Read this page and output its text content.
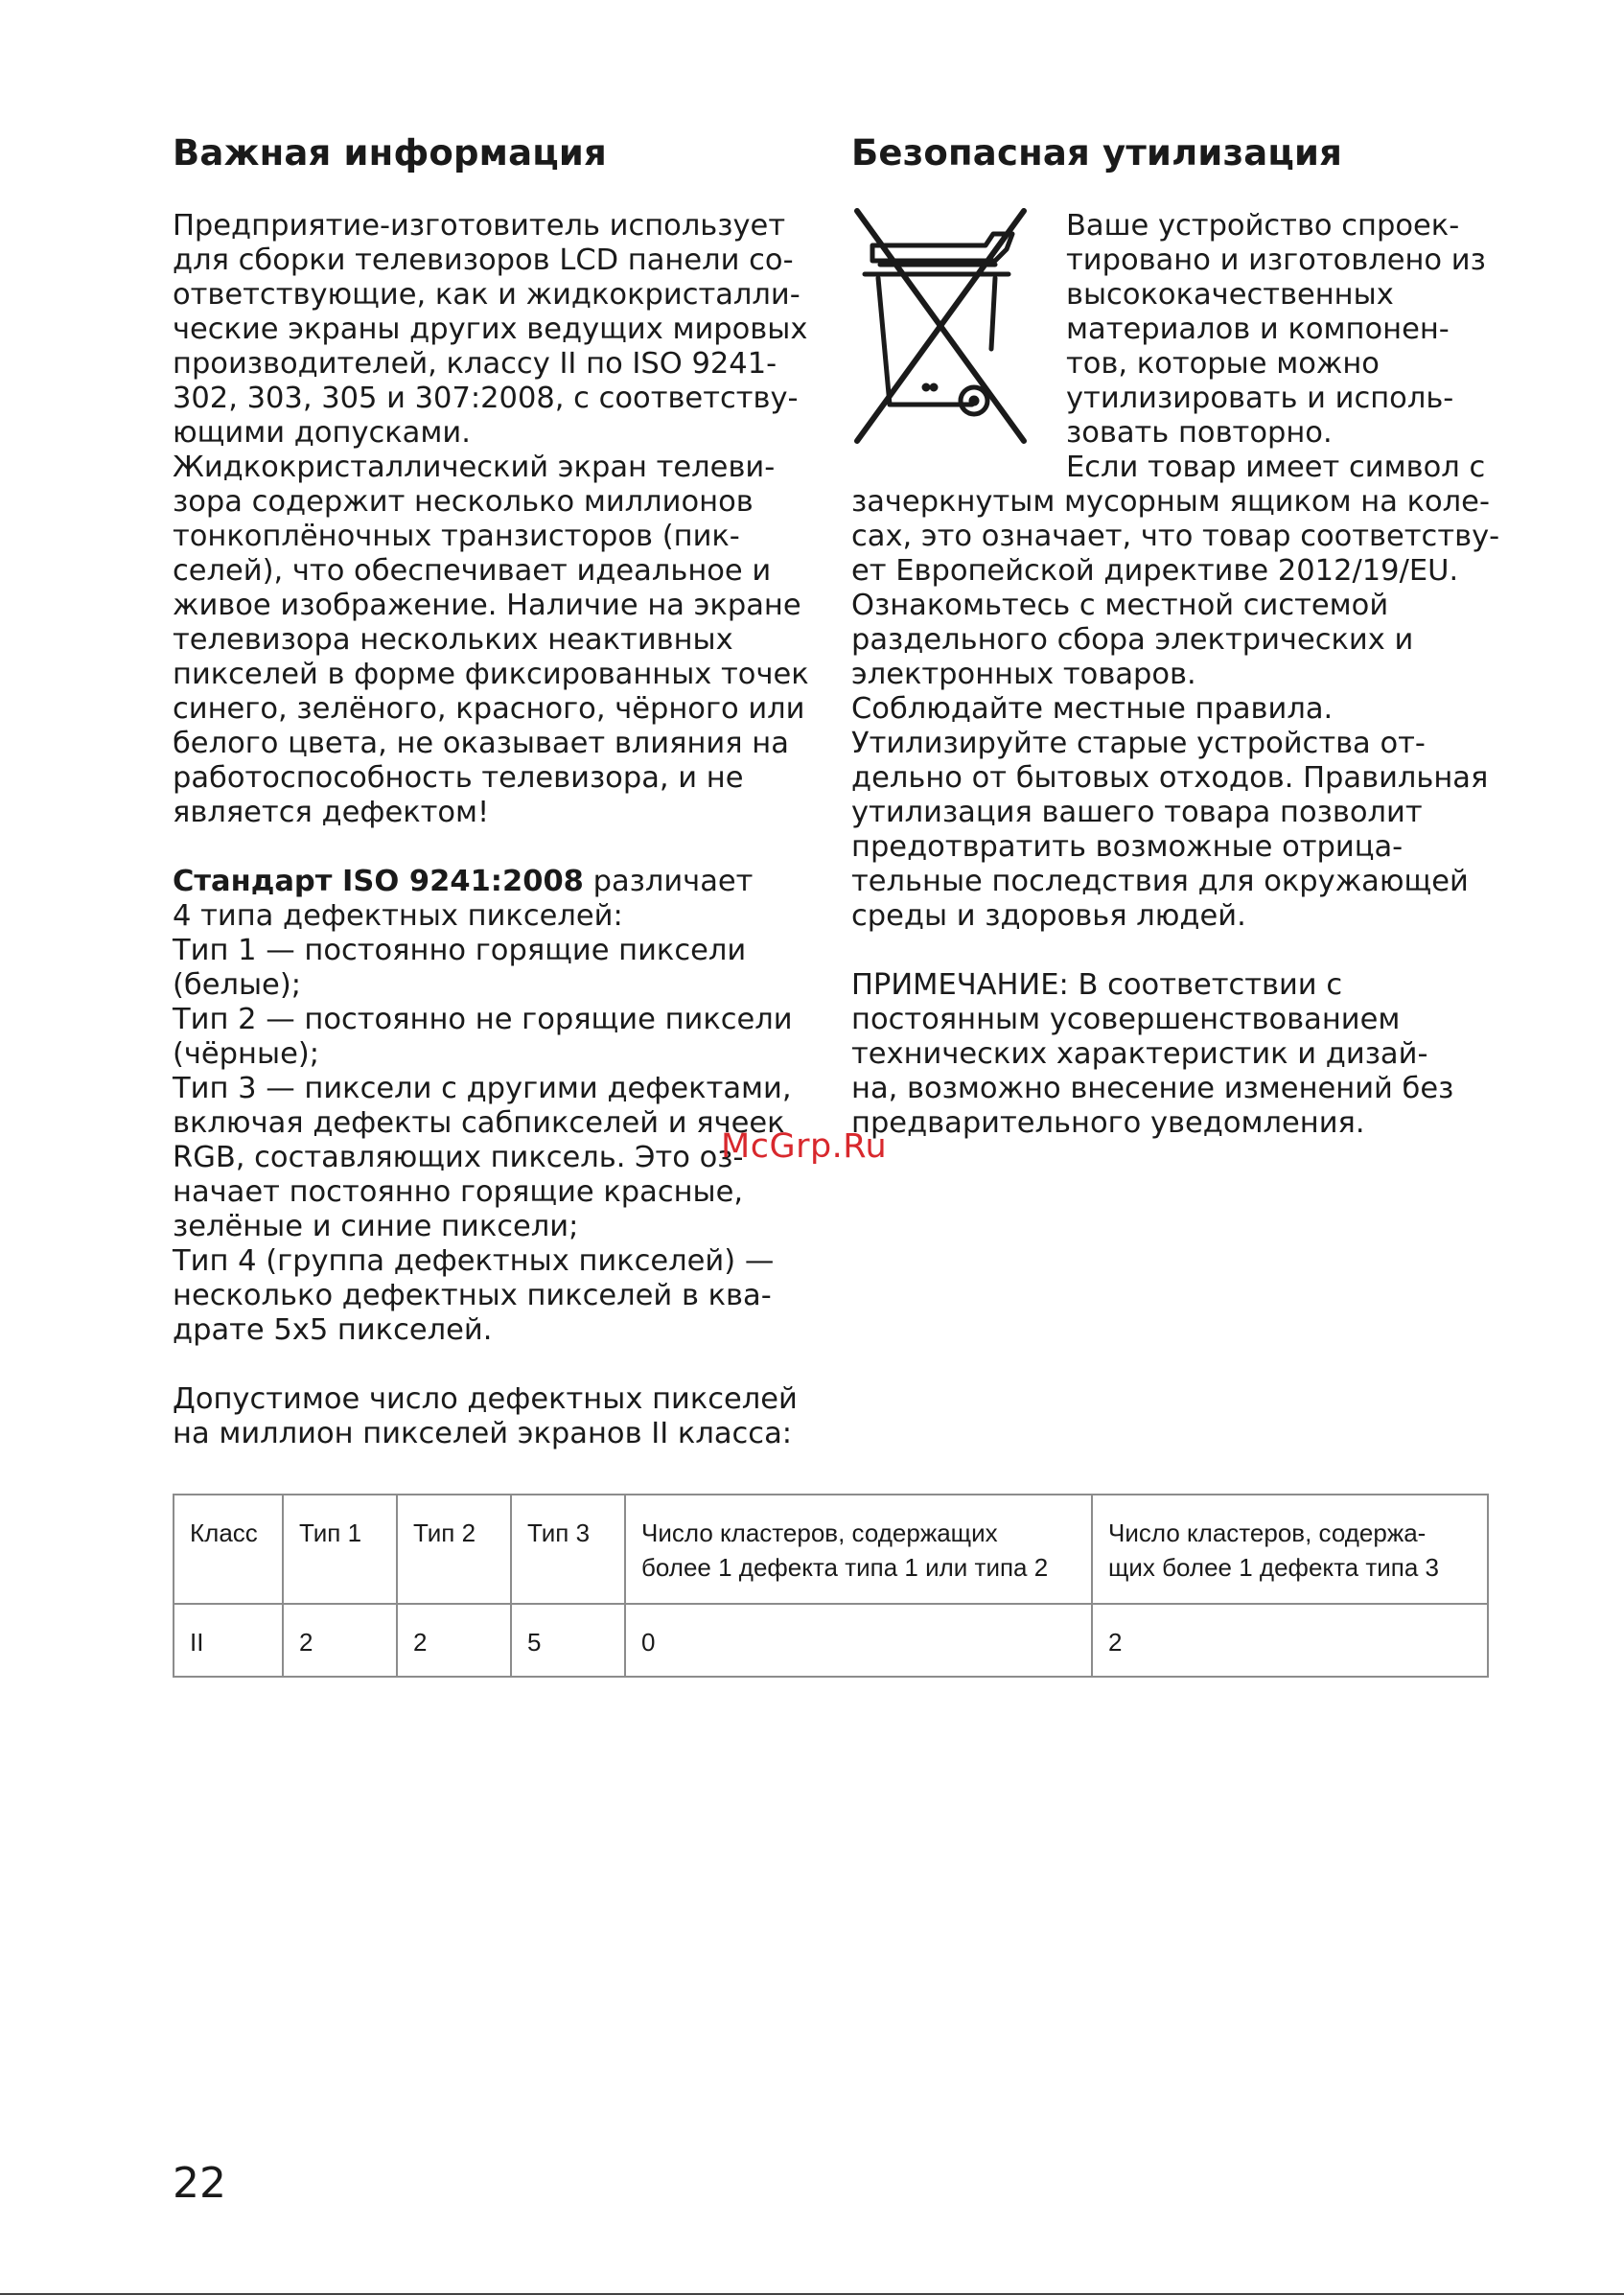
Важная информация
Предприятие-изготовитель использует
для сборки телевизоров LCD панели со-
ответствующие, как и жидкокристалли-
ческие экраны других ведущих мировых
производителей, классу II по ISO 9241-
302, 303, 305 и 307:2008, с соответству-
ющими допусками.
Жидкокристаллический экран телеви-
зора содержит несколько миллионов
тонкоплёночных транзисторов (пик-
селей), что обеспечивает идеальное и
живое изображение. Наличие на экране
телевизора нескольких неактивных
пикселей в форме фиксированных точек
синего, зелёного, красного, чёрного или
белого цвета, не оказывает влияния на
работоспособность телевизора, и не
является дефектом!
Стандарт ISO 9241:2008 различает
4 типа дефектных пикселей:
Тип 1 — постоянно горящие пиксели
(белые);
Тип 2 — постоянно не горящие пиксели
(чёрные);
Тип 3 — пиксели с другими дефектами,
включая дефекты сабпикселей и ячеек
RGB, составляющих пиксель. Это оз-
начает постоянно горящие красные,
зелёные и синие пиксели;
Тип 4 (группа дефектных пикселей) —
несколько дефектных пикселей в ква-
драте 5х5 пикселей.
Допустимое число дефектных пикселей
на миллион пикселей экранов II класса:
Безопасная утилизация
Ваше устройство спроек-
тировано и изготовлено из
высококачественных
материалов и компонен-
тов, которые можно
утилизировать и исполь-
зовать повторно.
Если товар имеет символ с
зачеркнутым мусорным ящиком на коле-
сах, это означает, что товар соответству-
ет Европейской директиве 2012/19/EU.
Ознакомьтесь с местной системой
раздельного сбора электрических и
электронных товаров.
Соблюдайте местные правила.
Утилизируйте старые устройства от-
дельно от бытовых отходов. Правильная
утилизация вашего товара позволит
предотвратить возможные отрица-
тельные последствия для окружающей
среды и здоровья людей.
ПРИМЕЧАНИЕ: В соответствии с
постоянным усовершенствованием
технических характеристик и дизай-
на, возможно внесение изменений без
предварительного уведомления.
McGrp.Ru
Класс	Тип 1	Тип 2	Тип 3	Число кластеров, содержащих
более 1 дефекта типа 1 или типа 2	Число кластеров, содержа-
щих более 1 дефекта типа 3

II	2	2	5	0	2
22
